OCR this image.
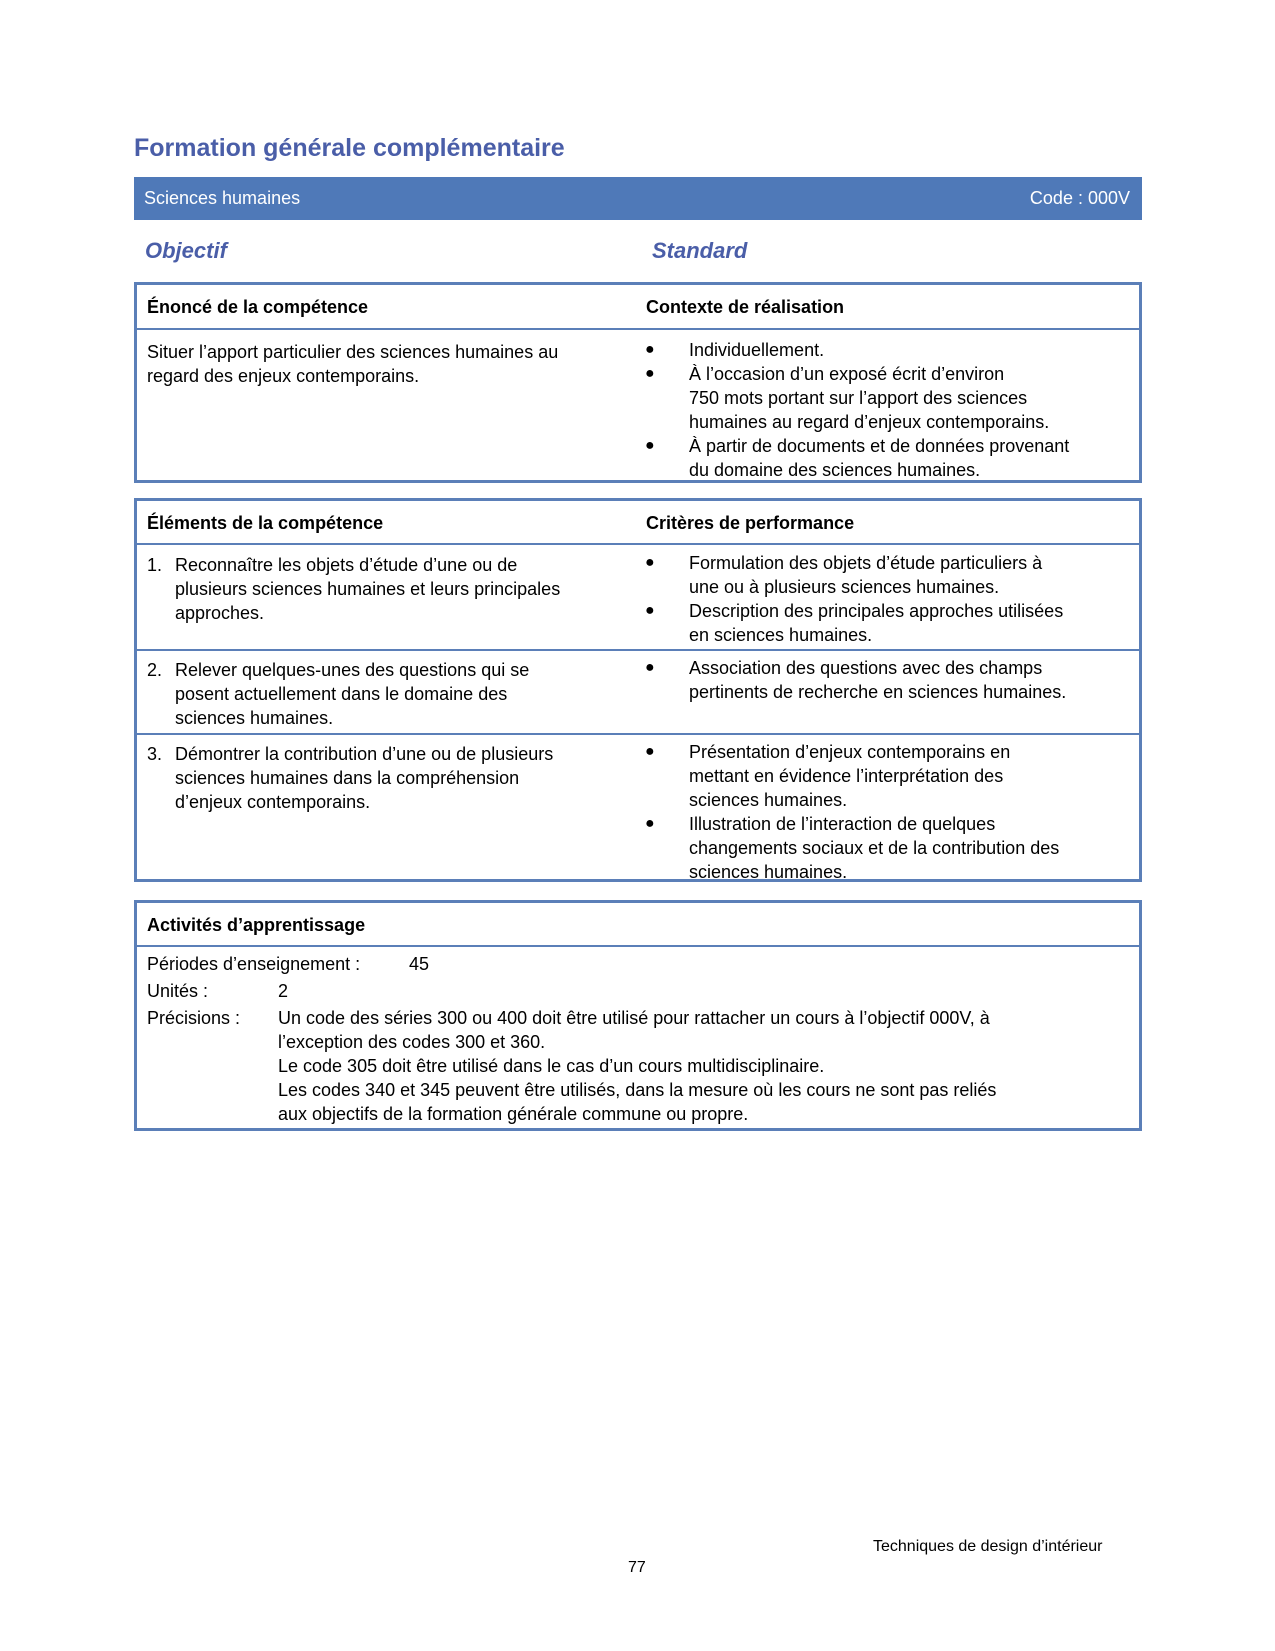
Formation générale complémentaire
Sciences humaines	Code : 000V
Objectif	Standard
Énoncé de la compétence	Contexte de réalisation
Situer l’apport particulier des sciences humaines au
regard des enjeux contemporains.
● Individuellement.
● À l’occasion d’un exposé écrit d’environ
750 mots portant sur l’apport des sciences
humaines au regard d’enjeux contemporains.
● À partir de documents et de données provenant
du domaine des sciences humaines.
Éléments de la compétence	Critères de performance
1. Reconnaître les objets d’étude d’une ou de
plusieurs sciences humaines et leurs principales
approches.
● Formulation des objets d’étude particuliers à
une ou à plusieurs sciences humaines.
● Description des principales approches utilisées
en sciences humaines.
2. Relever quelques-unes des questions qui se
posent actuellement dans le domaine des
sciences humaines.
● Association des questions avec des champs
pertinents de recherche en sciences humaines.
3. Démontrer la contribution d’une ou de plusieurs
sciences humaines dans la compréhension
d’enjeux contemporains.
● Présentation d’enjeux contemporains en
mettant en évidence l’interprétation des
sciences humaines.
● Illustration de l’interaction de quelques
changements sociaux et de la contribution des
sciences humaines.
Activités d’apprentissage
Périodes d’enseignement :	45
Unités :	2
Précisions : Un code des séries 300 ou 400 doit être utilisé pour rattacher un cours à l’objectif 000V, à
l’exception des codes 300 et 360.
Le code 305 doit être utilisé dans le cas d’un cours multidisciplinaire.
Les codes 340 et 345 peuvent être utilisés, dans la mesure où les cours ne sont pas reliés
aux objectifs de la formation générale commune ou propre.
Techniques de design d’intérieur
77
